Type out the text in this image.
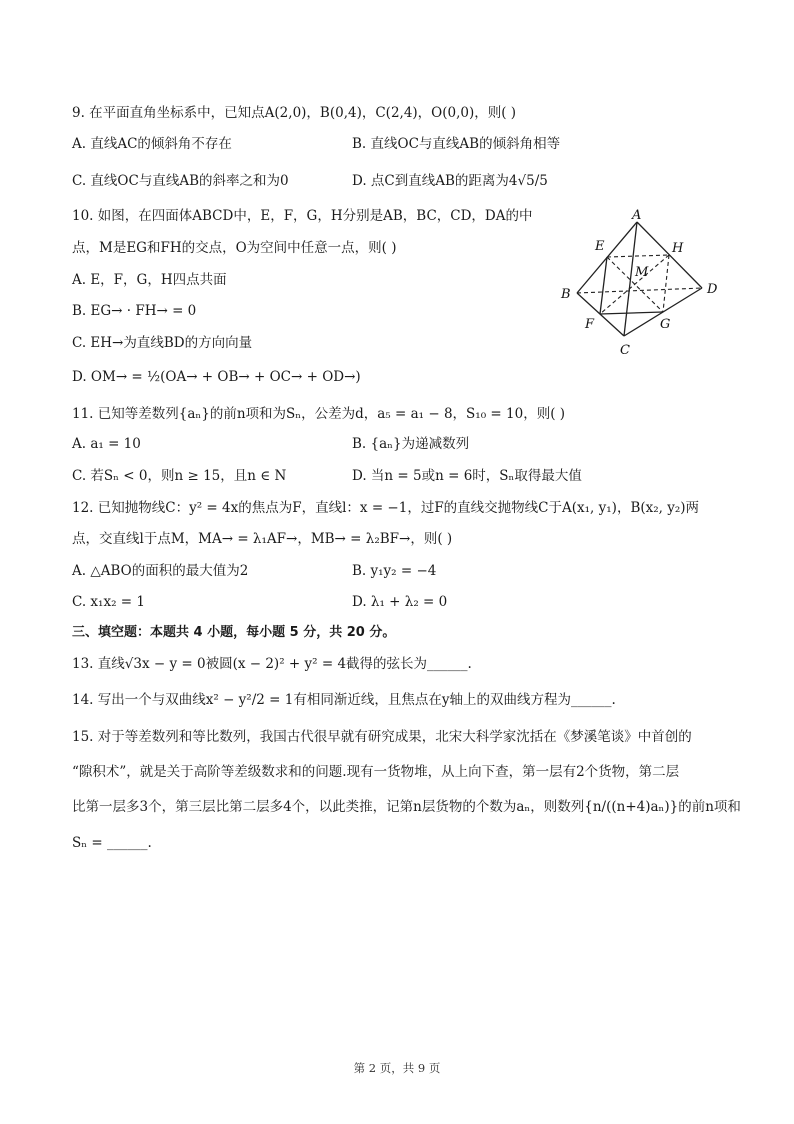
9. 在平面直角坐标系中，已知点A(2,0)，B(0,4)，C(2,4)，O(0,0)，则( )
A. 直线AC的倾斜角不存在	B. 直线OC与直线AB的倾斜角相等
C. 直线OC与直线AB的斜率之和为0	D. 点C到直线AB的距离为4√5/5
10. 如图，在四面体ABCD中，E，F，G，H分别是AB，BC，CD，DA的中
点，M是EG和FH的交点，O为空间中任意一点，则( )
A. E，F，G，H四点共面
B. EG→ · FH→ = 0
C. EH→为直线BD的方向向量
D. OM→ = ½(OA→ + OB→ + OC→ + OD→)
A
B
C
D
E
F	G
H
M
11. 已知等差数列{aₙ}的前n项和为Sₙ，公差为d，a₅ = a₁ − 8，S₁₀ = 10，则( )
A. a₁ = 10	B. {aₙ}为递减数列
C. 若Sₙ < 0，则n ≥ 15，且n ∈ N	D. 当n = 5或n = 6时，Sₙ取得最大值
12. 已知抛物线C：y² = 4x的焦点为F，直线l：x = −1，过F的直线交抛物线C于A(x₁, y₁)，B(x₂, y₂)两
点，交直线l于点M，MA→ = λ₁AF→，MB→ = λ₂BF→，则( )
A. △ABO的面积的最大值为2	B. y₁y₂ = −4
C. x₁x₂ = 1	D. λ₁ + λ₂ = 0
三、填空题：本题共 4 小题，每小题 5 分，共 20 分。
13. 直线√3x − y = 0被圆(x − 2)² + y² = 4截得的弦长为______.
14. 写出一个与双曲线x² − y²/2 = 1有相同渐近线，且焦点在y轴上的双曲线方程为______.
15. 对于等差数列和等比数列，我国古代很早就有研究成果，北宋大科学家沈括在《梦溪笔谈》中首创的
“隙积术”，就是关于高阶等差级数求和的问题.现有一货物堆，从上向下查，第一层有2个货物，第二层
比第一层多3个，第三层比第二层多4个，以此类推，记第n层货物的个数为aₙ，则数列{n/((n+4)aₙ)}的前n项和
Sₙ = ______.
第 2 页，共 9 页
